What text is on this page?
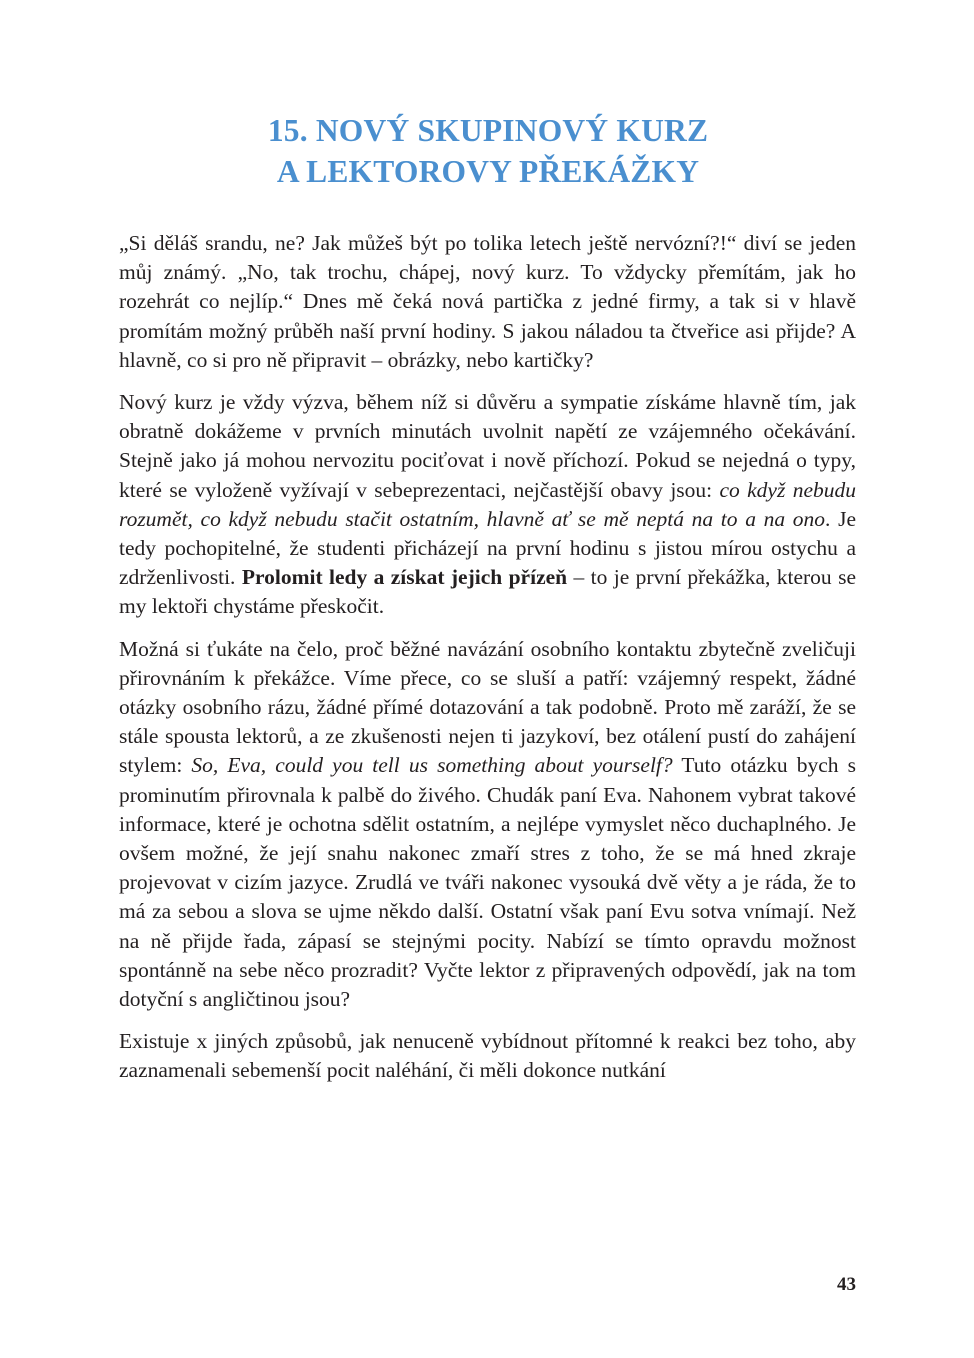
15. NOVÝ SKUPINOVÝ KURZ
A LEKTOROVY PŘEKÁŽKY

„Si děláš srandu, ne? Jak můžeš být po tolika letech ještě nervózní?!“ diví se jeden můj známý. „No, tak trochu, chápej, nový kurz. To vždycky přemítám, jak ho rozehrát co nejlíp.“ Dnes mě čeká nová partička z jedné firmy, a tak si v hlavě promítám možný průběh naší první hodiny. S jakou náladou ta čtveřice asi přijde? A hlavně, co si pro ně připravit – obrázky, nebo kartičky?

Nový kurz je vždy výzva, během níž si důvěru a sympatie získáme hlavně tím, jak obratně dokážeme v prvních minutách uvolnit napětí ze vzájemného očekávání. Stejně jako já mohou nervozitu pociťovat i nově příchozí. Pokud se nejedná o typy, které se vyloženě vyžívají v sebeprezentaci, nejčastější obavy jsou: co když nebudu rozumět, co když nebudu stačit ostatním, hlavně ať se mě neptá na to a na ono. Je tedy pochopitelné, že studenti přicházejí na první hodinu s jistou mírou ostychu a zdrženlivosti. Prolomit ledy a získat jejich přízeň – to je první překážka, kterou se my lektoři chystáme přeskočit.

Možná si ťukáte na čelo, proč běžné navázání osobního kontaktu zbytečně zveličuji přirovnáním k překážce. Víme přece, co se sluší a patří: vzájemný respekt, žádné otázky osobního rázu, žádné přímé dotazování a tak podobně. Proto mě zaráží, že se stále spousta lektorů, a ze zkušenosti nejen ti jazykoví, bez otálení pustí do zahájení stylem: So, Eva, could you tell us something about yourself? Tuto otázku bych s prominutím přirovnala k palbě do živého. Chudák paní Eva. Nahonem vybrat takové informace, které je ochotna sdělit ostatním, a nejlépe vymyslet něco duchaplného. Je ovšem možné, že její snahu nakonec zmaří stres z toho, že se má hned zkraje projevovat v cizím jazyce. Zrudlá ve tváři nakonec vysouká dvě věty a je ráda, že to má za sebou a slova se ujme někdo další. Ostatní však paní Evu sotva vnímají. Než na ně přijde řada, zápasí se stejnými pocity. Nabízí se tímto opravdu možnost spontánně na sebe něco prozradit? Vyčte lektor z připravených odpovědí, jak na tom dotyční s angličtinou jsou?

Existuje x jiných způsobů, jak nenuceně vybídnout přítomné k reakci bez toho, aby zaznamenali sebemenší pocit naléhání, či měli dokonce nutkání

43
